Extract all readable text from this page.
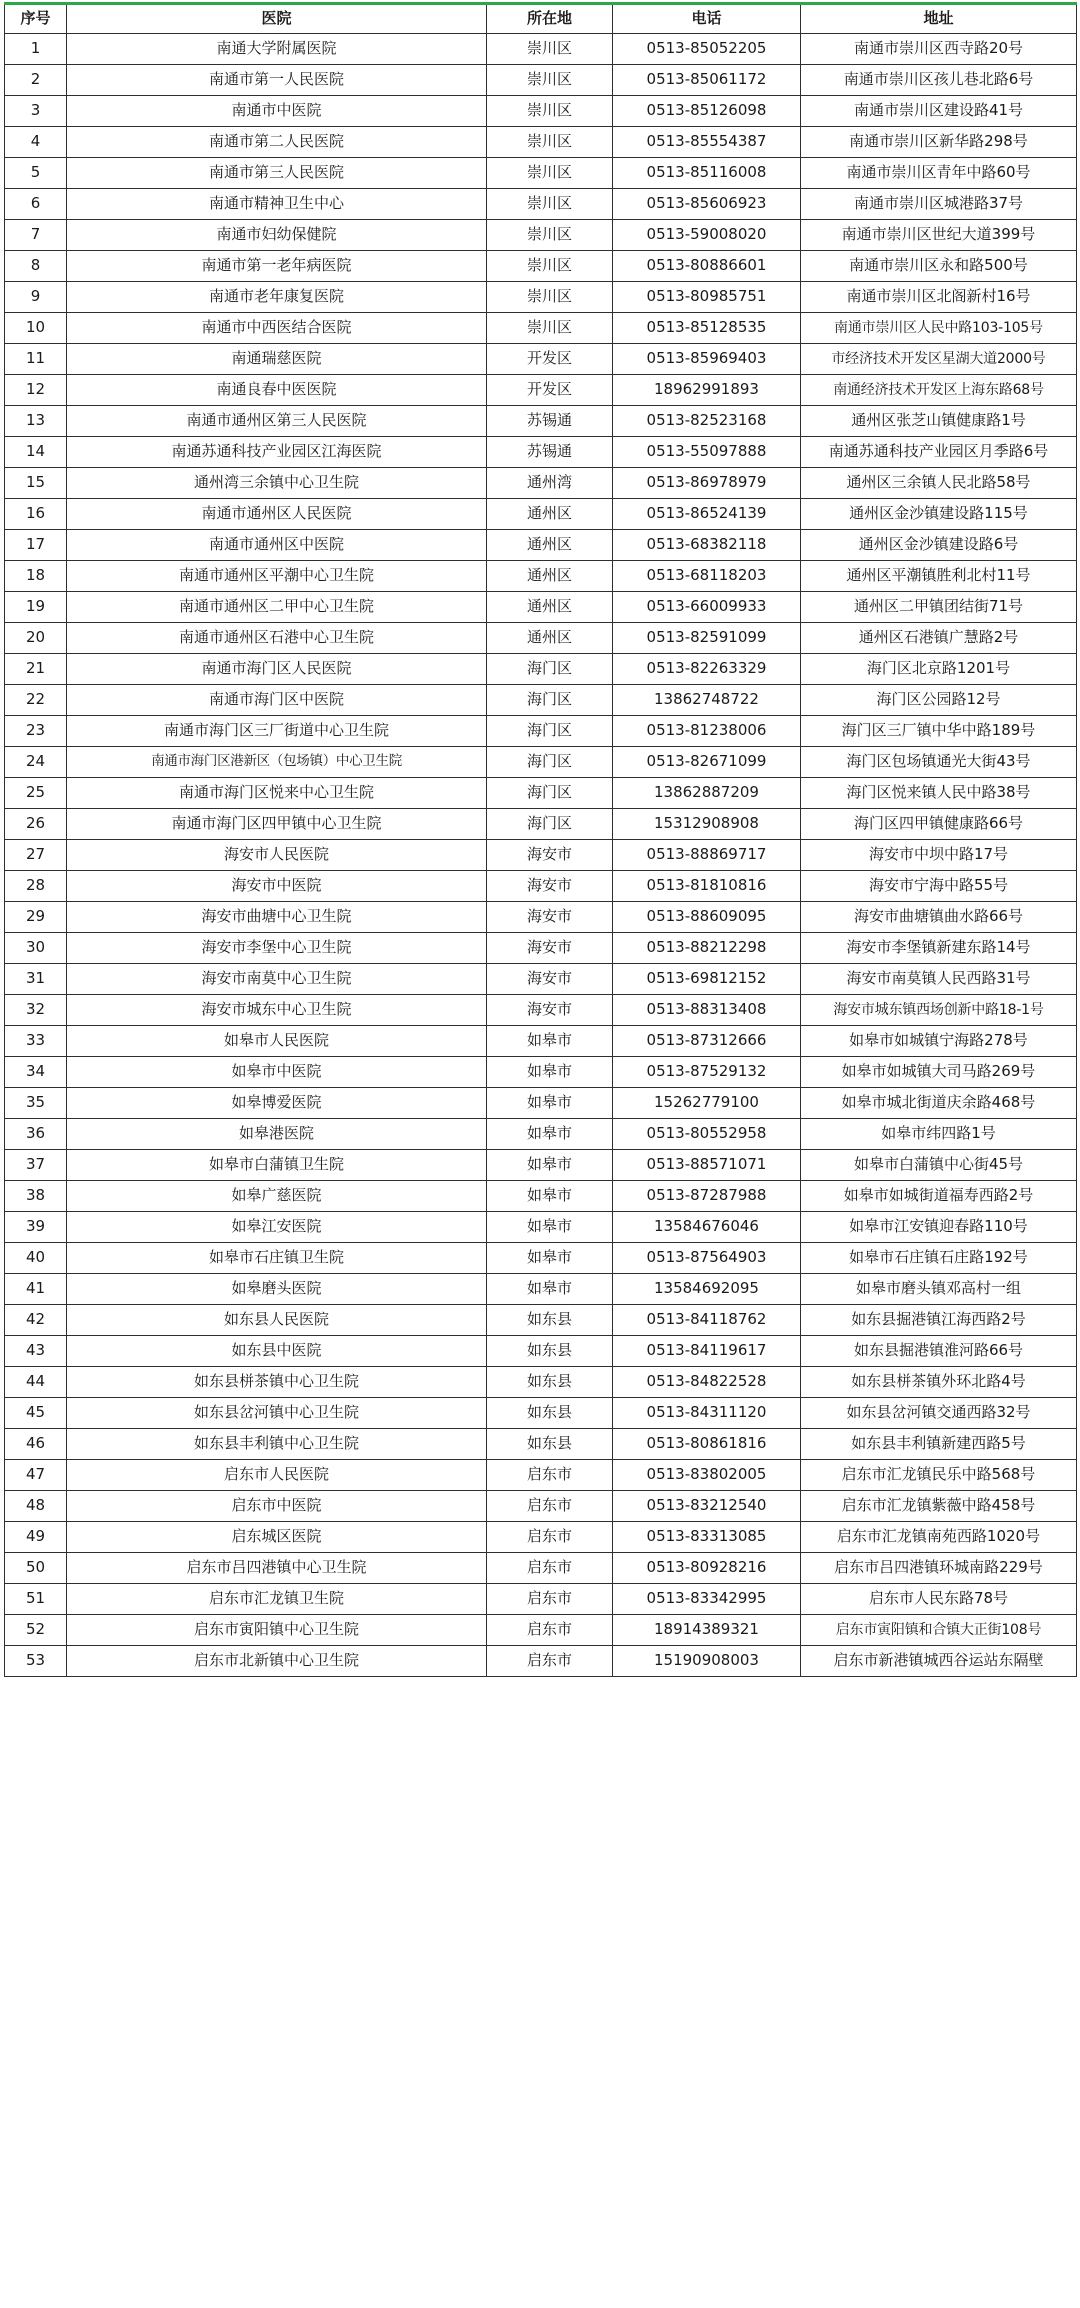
序号	医院	所在地	电话	地址
1	南通大学附属医院	崇川区	0513-85052205	南通市崇川区西寺路20号
2	南通市第一人民医院	崇川区	0513-85061172	南通市崇川区孩儿巷北路6号
3	南通市中医院	崇川区	0513-85126098	南通市崇川区建设路41号
4	南通市第二人民医院	崇川区	0513-85554387	南通市崇川区新华路298号
5	南通市第三人民医院	崇川区	0513-85116008	南通市崇川区青年中路60号
6	南通市精神卫生中心	崇川区	0513-85606923	南通市崇川区城港路37号
7	南通市妇幼保健院	崇川区	0513-59008020	南通市崇川区世纪大道399号
8	南通市第一老年病医院	崇川区	0513-80886601	南通市崇川区永和路500号
9	南通市老年康复医院	崇川区	0513-80985751	南通市崇川区北阁新村16号
10	南通市中西医结合医院	崇川区	0513-85128535	南通市崇川区人民中路103-105号
11	南通瑞慈医院	开发区	0513-85969403	市经济技术开发区星湖大道2000号
12	南通良春中医医院	开发区	18962991893	南通经济技术开发区上海东路68号
13	南通市通州区第三人民医院	苏锡通	0513-82523168	通州区张芝山镇健康路1号
14	南通苏通科技产业园区江海医院	苏锡通	0513-55097888	南通苏通科技产业园区月季路6号
15	通州湾三余镇中心卫生院	通州湾	0513-86978979	通州区三余镇人民北路58号
16	南通市通州区人民医院	通州区	0513-86524139	通州区金沙镇建设路115号
17	南通市通州区中医院	通州区	0513-68382118	通州区金沙镇建设路6号
18	南通市通州区平潮中心卫生院	通州区	0513-68118203	通州区平潮镇胜利北村11号
19	南通市通州区二甲中心卫生院	通州区	0513-66009933	通州区二甲镇团结街71号
20	南通市通州区石港中心卫生院	通州区	0513-82591099	通州区石港镇广慧路2号
21	南通市海门区人民医院	海门区	0513-82263329	海门区北京路1201号
22	南通市海门区中医院	海门区	13862748722	海门区公园路12号
23	南通市海门区三厂街道中心卫生院	海门区	0513-81238006	海门区三厂镇中华中路189号
24	南通市海门区港新区（包场镇）中心卫生院	海门区	0513-82671099	海门区包场镇通光大街43号
25	南通市海门区悦来中心卫生院	海门区	13862887209	海门区悦来镇人民中路38号
26	南通市海门区四甲镇中心卫生院	海门区	15312908908	海门区四甲镇健康路66号
27	海安市人民医院	海安市	0513-88869717	海安市中坝中路17号
28	海安市中医院	海安市	0513-81810816	海安市宁海中路55号
29	海安市曲塘中心卫生院	海安市	0513-88609095	海安市曲塘镇曲水路66号
30	海安市李堡中心卫生院	海安市	0513-88212298	海安市李堡镇新建东路14号
31	海安市南莫中心卫生院	海安市	0513-69812152	海安市南莫镇人民西路31号
32	海安市城东中心卫生院	海安市	0513-88313408	海安市城东镇西场创新中路18-1号
33	如皋市人民医院	如皋市	0513-87312666	如皋市如城镇宁海路278号
34	如皋市中医院	如皋市	0513-87529132	如皋市如城镇大司马路269号
35	如皋博爱医院	如皋市	15262779100	如皋市城北街道庆余路468号
36	如皋港医院	如皋市	0513-80552958	如皋市纬四路1号
37	如皋市白蒲镇卫生院	如皋市	0513-88571071	如皋市白蒲镇中心街45号
38	如皋广慈医院	如皋市	0513-87287988	如皋市如城街道福寿西路2号
39	如皋江安医院	如皋市	13584676046	如皋市江安镇迎春路110号
40	如皋市石庄镇卫生院	如皋市	0513-87564903	如皋市石庄镇石庄路192号
41	如皋磨头医院	如皋市	13584692095	如皋市磨头镇邓高村一组
42	如东县人民医院	如东县	0513-84118762	如东县掘港镇江海西路2号
43	如东县中医院	如东县	0513-84119617	如东县掘港镇淮河路66号
44	如东县栟茶镇中心卫生院	如东县	0513-84822528	如东县栟茶镇外环北路4号
45	如东县岔河镇中心卫生院	如东县	0513-84311120	如东县岔河镇交通西路32号
46	如东县丰利镇中心卫生院	如东县	0513-80861816	如东县丰利镇新建西路5号
47	启东市人民医院	启东市	0513-83802005	启东市汇龙镇民乐中路568号
48	启东市中医院	启东市	0513-83212540	启东市汇龙镇紫薇中路458号
49	启东城区医院	启东市	0513-83313085	启东市汇龙镇南苑西路1020号
50	启东市吕四港镇中心卫生院	启东市	0513-80928216	启东市吕四港镇环城南路229号
51	启东市汇龙镇卫生院	启东市	0513-83342995	启东市人民东路78号
52	启东市寅阳镇中心卫生院	启东市	18914389321	启东市寅阳镇和合镇大正街108号
53	启东市北新镇中心卫生院	启东市	15190908003	启东市新港镇城西谷运站东隔壁
